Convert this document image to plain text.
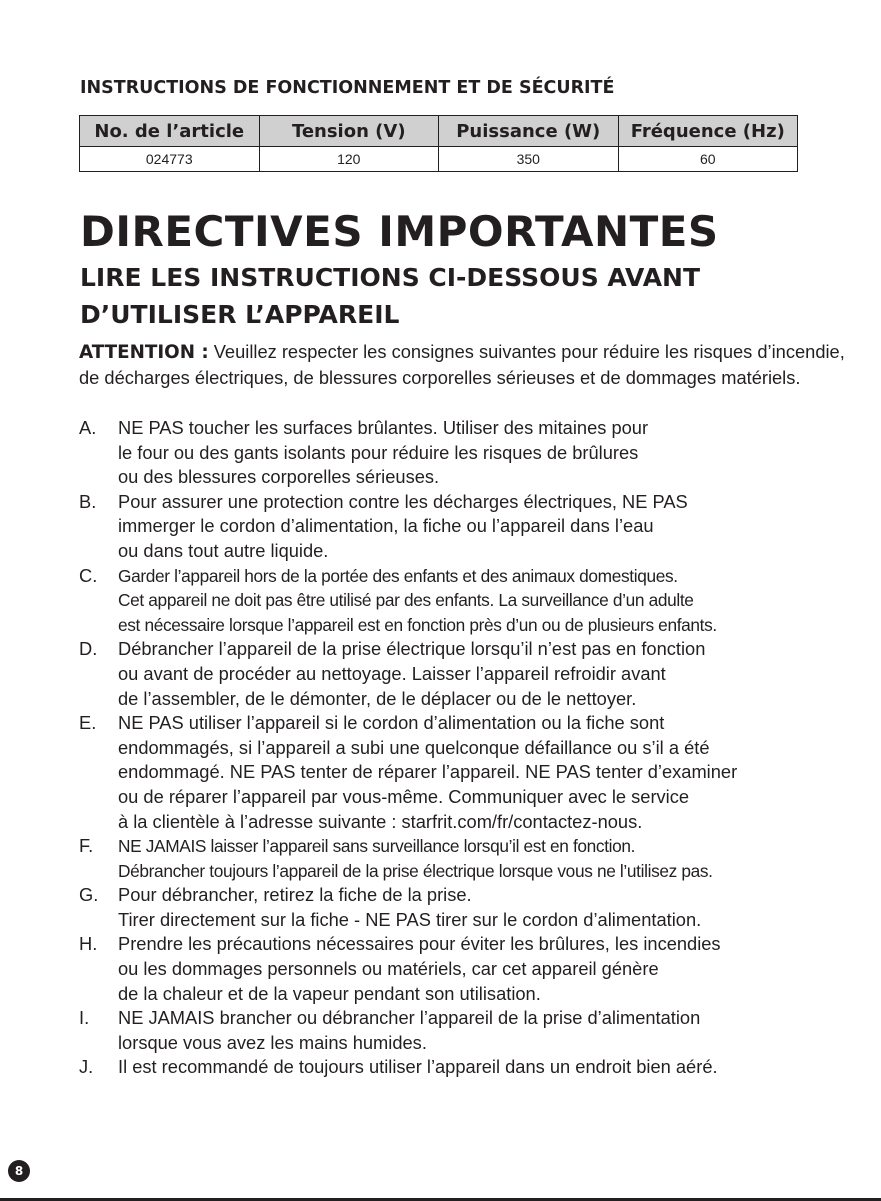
INSTRUCTIONS DE FONCTIONNEMENT ET DE SÉCURITÉ
No. de l’article	Tension (V)	Puissance (W)	Fréquence (Hz)
024773	120	350	60
DIRECTIVES IMPORTANTES
LIRE LES INSTRUCTIONS CI-DESSOUS AVANT D’UTILISER L’APPAREIL
ATTENTION : Veuillez respecter les consignes suivantes pour réduire les risques d’incendie, de décharges électriques, de blessures corporelles sérieuses et de dommages matériels.
A. NE PAS toucher les surfaces brûlantes. Utiliser des mitaines pour
le four ou des gants isolants pour réduire les risques de brûlures
ou des blessures corporelles sérieuses.
B. Pour assurer une protection contre les décharges électriques, NE PAS
immerger le cordon d’alimentation, la fiche ou l’appareil dans l’eau
ou dans tout autre liquide.
C. Garder l’appareil hors de la portée des enfants et des animaux domestiques.
Cet appareil ne doit pas être utilisé par des enfants. La surveillance d’un adulte
est nécessaire lorsque l’appareil est en fonction près d’un ou de plusieurs enfants.
D. Débrancher l’appareil de la prise électrique lorsqu’il n’est pas en fonction
ou avant de procéder au nettoyage. Laisser l’appareil refroidir avant
de l’assembler, de le démonter, de le déplacer ou de le nettoyer.
E. NE PAS utiliser l’appareil si le cordon d’alimentation ou la fiche sont
endommagés, si l’appareil a subi une quelconque défaillance ou s’il a été
endommagé. NE PAS tenter de réparer l’appareil. NE PAS tenter d’examiner
ou de réparer l’appareil par vous-même. Communiquer avec le service
à la clientèle à l’adresse suivante : starfrit.com/fr/contactez-nous.
F. NE JAMAIS laisser l’appareil sans surveillance lorsqu’il est en fonction.
Débrancher toujours l’appareil de la prise électrique lorsque vous ne l’utilisez pas.
G. Pour débrancher, retirez la fiche de la prise.
Tirer directement sur la fiche - NE PAS tirer sur le cordon d’alimentation.
H. Prendre les précautions nécessaires pour éviter les brûlures, les incendies
ou les dommages personnels ou matériels, car cet appareil génère
de la chaleur et de la vapeur pendant son utilisation.
I. NE JAMAIS brancher ou débrancher l’appareil de la prise d’alimentation
lorsque vous avez les mains humides.
J. Il est recommandé de toujours utiliser l’appareil dans un endroit bien aéré.
8
